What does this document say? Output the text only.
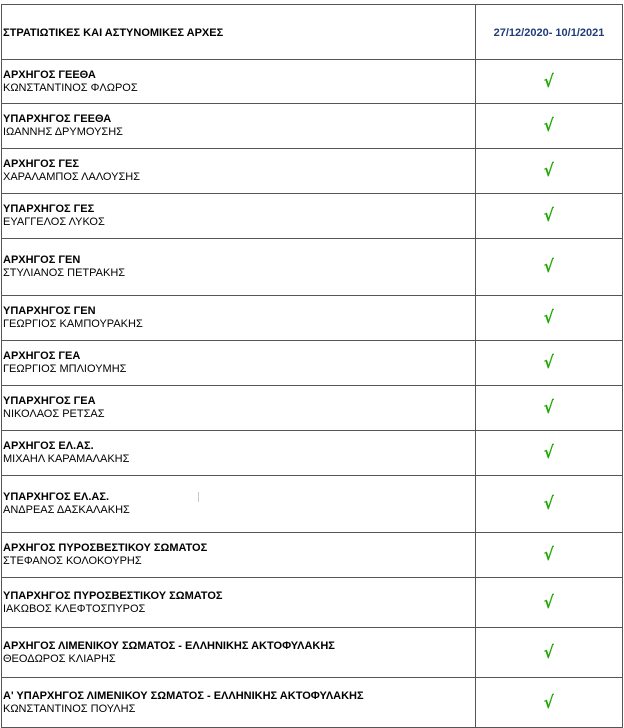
ΣΤΡΑΤΙΩΤΙΚΕΣ ΚΑΙ ΑΣΤΥΝΟΜΙΚΕΣ ΑΡΧΕΣ	27/12/2020- 10/1/2021

ΑΡΧΗΓΟΣ ΓΕΕΘΑ
ΚΩΝΣΤΑΝΤΙΝΟΣ ΦΛΩΡΟΣ	√

ΥΠΑΡΧΗΓΟΣ ΓΕΕΘΑ
ΙΩΑΝΝΗΣ ΔΡΥΜΟΥΣΗΣ	√

ΑΡΧΗΓΟΣ ΓΕΣ
ΧΑΡΑΛΑΜΠΟΣ ΛΑΛΟΥΣΗΣ	√

ΥΠΑΡΧΗΓΟΣ ΓΕΣ
ΕΥΑΓΓΕΛΟΣ ΛΥΚΟΣ	√

ΑΡΧΗΓΟΣ ΓΕΝ
ΣΤΥΛΙΑΝΟΣ ΠΕΤΡΑΚΗΣ	√

ΥΠΑΡΧΗΓΟΣ ΓΕΝ
ΓΕΩΡΓΙΟΣ ΚΑΜΠΟΥΡΑΚΗΣ	√

ΑΡΧΗΓΟΣ ΓΕΑ
ΓΕΩΡΓΙΟΣ ΜΠΛΙΟΥΜΗΣ	√

ΥΠΑΡΧΗΓΟΣ ΓΕΑ
ΝΙΚΟΛΑΟΣ ΡΕΤΣΑΣ	√

ΑΡΧΗΓΟΣ ΕΛ.ΑΣ.
ΜΙΧΑΗΛ ΚΑΡΑΜΑΛΑΚΗΣ	√

ΥΠΑΡΧΗΓΟΣ ΕΛ.ΑΣ.
ΑΝΔΡΕΑΣ ΔΑΣΚΑΛΑΚΗΣ	√

ΑΡΧΗΓΟΣ ΠΥΡΟΣΒΕΣΤΙΚΟΥ ΣΩΜΑΤΟΣ
ΣΤΕΦΑΝΟΣ ΚΟΛΟΚΟΥΡΗΣ	√

ΥΠΑΡΧΗΓΟΣ ΠΥΡΟΣΒΕΣΤΙΚΟΥ ΣΩΜΑΤΟΣ
ΙΑΚΩΒΟΣ ΚΛΕΦΤΟΣΠΥΡΟΣ	√

ΑΡΧΗΓΟΣ ΛΙΜΕΝΙΚΟΥ ΣΩΜΑΤΟΣ - ΕΛΛΗΝΙΚΗΣ ΑΚΤΟΦΥΛΑΚΗΣ
ΘΕΟΔΩΡΟΣ ΚΛΙΑΡΗΣ	√

Α' ΥΠΑΡΧΗΓΟΣ ΛΙΜΕΝΙΚΟΥ ΣΩΜΑΤΟΣ - ΕΛΛΗΝΙΚΗΣ ΑΚΤΟΦΥΛΑΚΗΣ
ΚΩΝΣΤΑΝΤΙΝΟΣ ΠΟΥΛΗΣ	√
